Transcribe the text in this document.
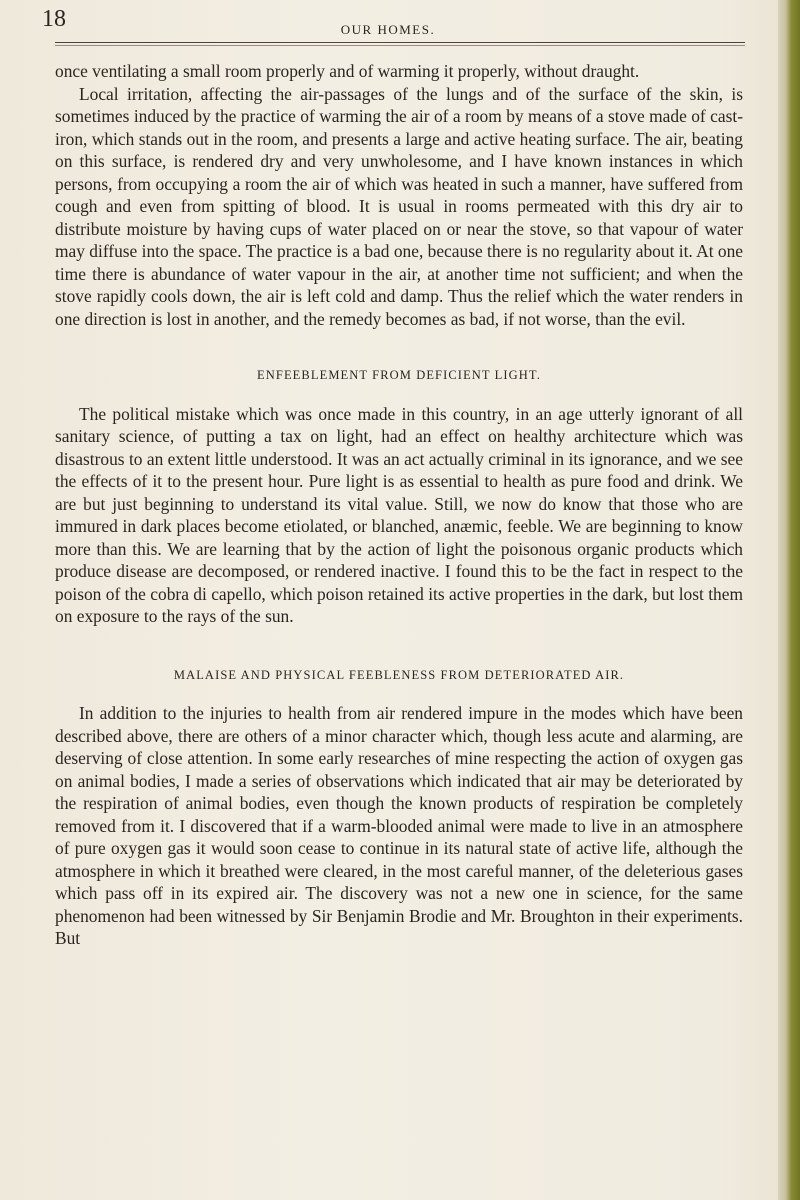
18	OUR HOMES.

once ventilating a small room properly and of warming it properly, without draught.

Local irritation, affecting the air-passages of the lungs and of the surface of the skin, is sometimes induced by the practice of warming the air of a room by means of a stove made of cast-iron, which stands out in the room, and presents a large and active heating surface. The air, beating on this surface, is rendered dry and very unwholesome, and I have known instances in which persons, from occupying a room the air of which was heated in such a manner, have suffered from cough and even from spitting of blood. It is usual in rooms permeated with this dry air to distribute moisture by having cups of water placed on or near the stove, so that vapour of water may diffuse into the space. The practice is a bad one, because there is no regularity about it. At one time there is abundance of water vapour in the air, at another time not sufficient; and when the stove rapidly cools down, the air is left cold and damp. Thus the relief which the water renders in one direction is lost in another, and the remedy becomes as bad, if not worse, than the evil.

ENFEEBLEMENT FROM DEFICIENT LIGHT.

The political mistake which was once made in this country, in an age utterly ignorant of all sanitary science, of putting a tax on light, had an effect on healthy architecture which was disastrous to an extent little understood. It was an act actually criminal in its ignorance, and we see the effects of it to the present hour. Pure light is as essential to health as pure food and drink. We are but just beginning to understand its vital value. Still, we now do know that those who are immured in dark places become etiolated, or blanched, anæmic, feeble. We are beginning to know more than this. We are learning that by the action of light the poisonous organic products which produce disease are decomposed, or rendered inactive. I found this to be the fact in respect to the poison of the cobra di capello, which poison retained its active properties in the dark, but lost them on exposure to the rays of the sun.

MALAISE AND PHYSICAL FEEBLENESS FROM DETERIORATED AIR.

In addition to the injuries to health from air rendered impure in the modes which have been described above, there are others of a minor character which, though less acute and alarming, are deserving of close attention. In some early researches of mine respecting the action of oxygen gas on animal bodies, I made a series of observations which indicated that air may be deteriorated by the respiration of animal bodies, even though the known products of respiration be completely removed from it. I discovered that if a warm-blooded animal were made to live in an atmosphere of pure oxygen gas it would soon cease to continue in its natural state of active life, although the atmosphere in which it breathed were cleared, in the most careful manner, of the deleterious gases which pass off in its expired air. The discovery was not a new one in science, for the same phenomenon had been witnessed by Sir Benjamin Brodie and Mr. Broughton in their experiments. But
